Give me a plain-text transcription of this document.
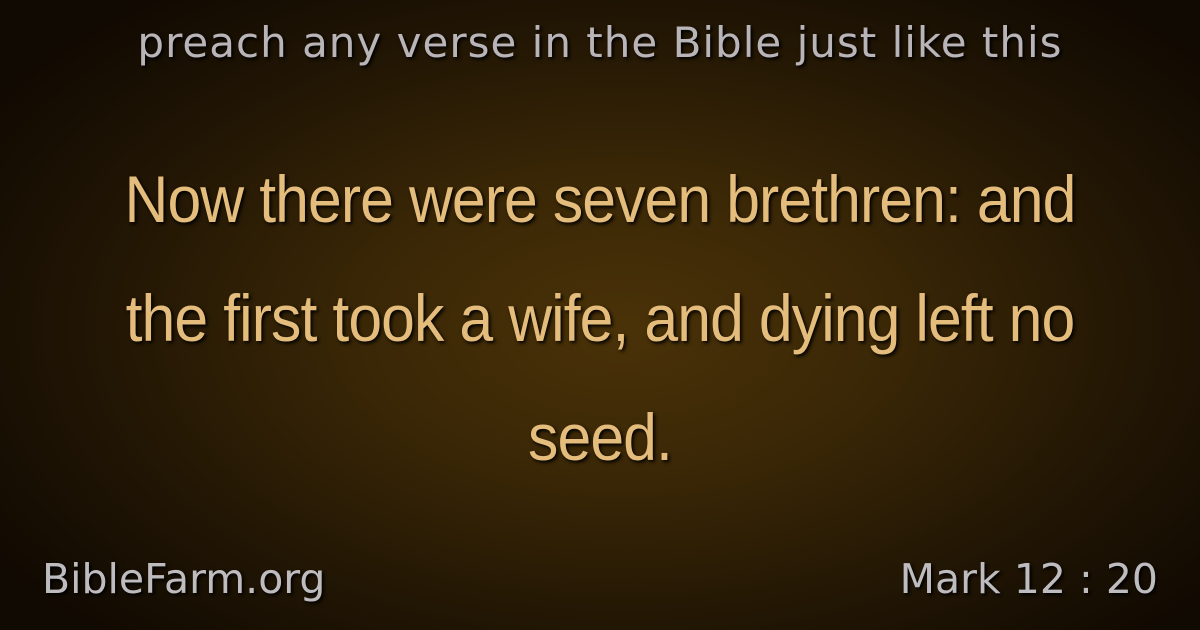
preach any verse in the Bible just like this
Now there were seven brethren: and the first took a wife, and dying left no seed.
BibleFarm.org	Mark 12 : 20
